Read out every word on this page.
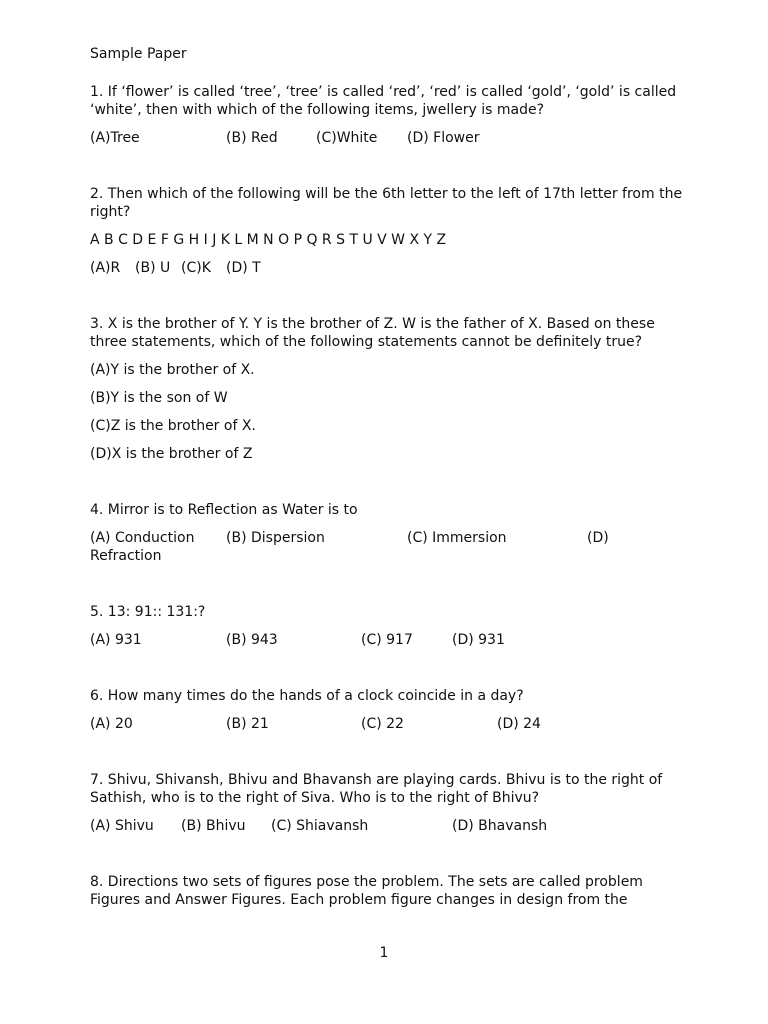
Sample Paper
1. If ‘flower’ is called ‘tree’, ‘tree’ is called ‘red’, ‘red’ is called ‘gold’, ‘gold’ is called ‘white’, then with which of the following items, jwellery is made?
(A)Tree	(B) Red	(C)White (D) Flower
2. Then which of the following will be the 6th letter to the left of 17th letter from the right?
A B C D E F G H I J K L M N O P Q R S T U V W X Y Z
(A)R (B) U (C)K (D) T
3. X is the brother of Y. Y is the brother of Z. W is the father of X. Based on these three statements, which of the following statements cannot be definitely true?
(A)Y is the brother of X.
(B)Y is the son of W
(C)Z is the brother of X.
(D)X is the brother of Z
4. Mirror is to Reflection as Water is to
(A) Conduction (B) Dispersion	(C) Immersion	(D)
Refraction
5. 13: 91:: 131:?
(A) 931	(B) 943	(C) 917	(D) 931
6. How many times do the hands of a clock coincide in a day?
(A) 20	(B) 21	(C) 22	(D) 24
7. Shivu, Shivansh, Bhivu and Bhavansh are playing cards. Bhivu is to the right of Sathish, who is to the right of Siva. Who is to the right of Bhivu?
(A) Shivu (B) Bhivu (C) Shiavansh	(D) Bhavansh
8. Directions two sets of figures pose the problem. The sets are called problem Figures and Answer Figures. Each problem figure changes in design from the
1
